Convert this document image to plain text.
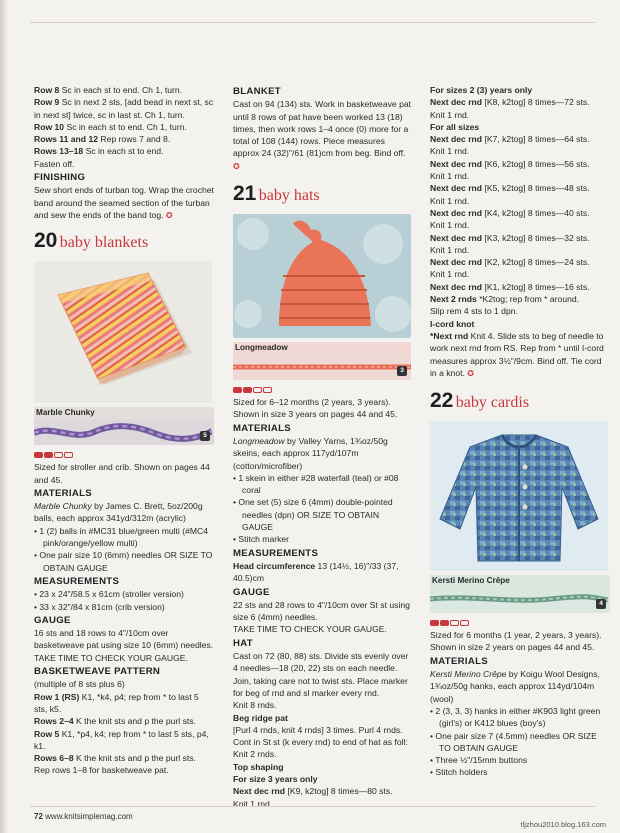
Row 8 Sc in each st to end. Ch 1, turn.

Row 9 Sc in next 2 sts, [add bead in next st, sc in next st] twice, sc in last st. Ch 1, turn.

Row 10 Sc in each st to end. Ch 1, turn.

Rows 11 and 12 Rep rows 7 and 8.

Rows 13–18 Sc in each st to end.

Fasten off.

FINISHING

Sew short ends of turban tog. Wrap the crochet band around the seamed section of the turban and sew the ends of the band tog. ✪

20 baby blankets
Marble Chunky
5

Sized for stroller and crib. Shown on pages 44 and 45.

MATERIALS

Marble Chunky by James C. Brett, 5oz/200g balls, each approx 341yd/312m (acrylic)

• 1 (2) balls in #MC31 blue/green multi (#MC4 pink/orange/yellow multi)

• One pair size 10 (6mm) needles OR SIZE TO OBTAIN GAUGE

MEASUREMENTS

• 23 x 24"/58.5 x 61cm (stroller version)

• 33 x 32"/84 x 81cm (crib version)

GAUGE

16 sts and 18 rows to 4"/10cm over basketweave pat using size 10 (6mm) needles.

TAKE TIME TO CHECK YOUR GAUGE.

BASKETWEAVE PATTERN

(multiple of 8 sts plus 6)

Row 1 (RS) K1, *k4, p4; rep from * to last 5 sts, k5.

Rows 2–4 K the knit sts and p the purl sts.

Row 5 K1, *p4, k4; rep from * to last 5 sts, p4, k1.

Rows 6–8 K the knit sts and p the purl sts.

Rep rows 1–8 for basketweave pat.

BLANKET

Cast on 94 (134) sts. Work in basketweave pat until 8 rows of pat have been worked 13 (18) times, then work rows 1–4 once (0) more for a total of 108 (144) rows. Piece measures approx 24 (32)"/61 (81)cm from beg. Bind off. ✪

21 baby hats
Longmeadow
3

Sized for 6–12 months (2 years, 3 years). Shown in size 3 years on pages 44 and 45.

MATERIALS

Longmeadow by Valley Yarns, 1¾oz/50g skeins, each approx 117yd/107m (cotton/microfiber)

• 1 skein in either #28 waterfall (teal) or #08 coral

• One set (5) size 6 (4mm) double-pointed needles (dpn) OR SIZE TO OBTAIN GAUGE

• Stitch marker

MEASUREMENTS

Head circumference 13 (14½, 16)"/33 (37, 40.5)cm

GAUGE

22 sts and 28 rows to 4"/10cm over St st using size 6 (4mm) needles.

TAKE TIME TO CHECK YOUR GAUGE.

HAT

Cast on 72 (80, 88) sts. Divide sts evenly over 4 needles—18 (20, 22) sts on each needle. Join, taking care not to twist sts. Place marker for beg of rnd and sl marker every rnd.

Knit 8 rnds.

Beg ridge pat

[Purl 4 rnds, knit 4 rnds] 3 times. Purl 4 rnds. Cont in St st (k every rnd) to end of hat as foll: Knit 2 rnds.

Top shaping

For size 3 years only

Next dec rnd [K9, k2tog] 8 times—80 sts.

Knit 1 rnd.

For sizes 2 (3) years only

Next dec rnd [K8, k2tog] 8 times—72 sts.

Knit 1 rnd.

For all sizes

Next dec rnd [K7, k2tog] 8 times—64 sts.

Knit 1 rnd.

Next dec rnd [K6, k2tog] 8 times—56 sts.

Knit 1 rnd.

Next dec rnd [K5, k2tog] 8 times—48 sts.

Knit 1 rnd.

Next dec rnd [K4, k2tog] 8 times—40 sts.

Knit 1 rnd.

Next dec rnd [K3, k2tog] 8 times—32 sts.

Knit 1 rnd.

Next dec rnd [K2, k2tog] 8 times—24 sts.

Knit 1 rnd.

Next dec rnd [K1, k2tog] 8 times—16 sts.

Next 2 rnds *K2tog; rep from * around.

Slip rem 4 sts to 1 dpn.

I-cord knot

*Next rnd Knit 4. Slide sts to beg of needle to work next rnd from RS. Rep from * until I-cord measures approx 3½"/9cm. Bind off. Tie cord in a knot. ✪

22 baby cardis
Kersti Merino Crêpe
4

Sized for 6 months (1 year, 2 years, 3 years). Shown in size 2 years on pages 44 and 45.

MATERIALS

Kersti Merino Crêpe by Koigu Wool Designs, 1¾oz/50g hanks, each approx 114yd/104m (wool)

• 2 (3, 3, 3) hanks in either #K903 light green (girl's) or K412 blues (boy's)

• One pair size 7 (4.5mm) needles OR SIZE TO OBTAIN GAUGE

• Three ½"/15mm buttons

• Stitch holders

72 www.knitsimplemag.com
tljzhou2010.blog.163.com
